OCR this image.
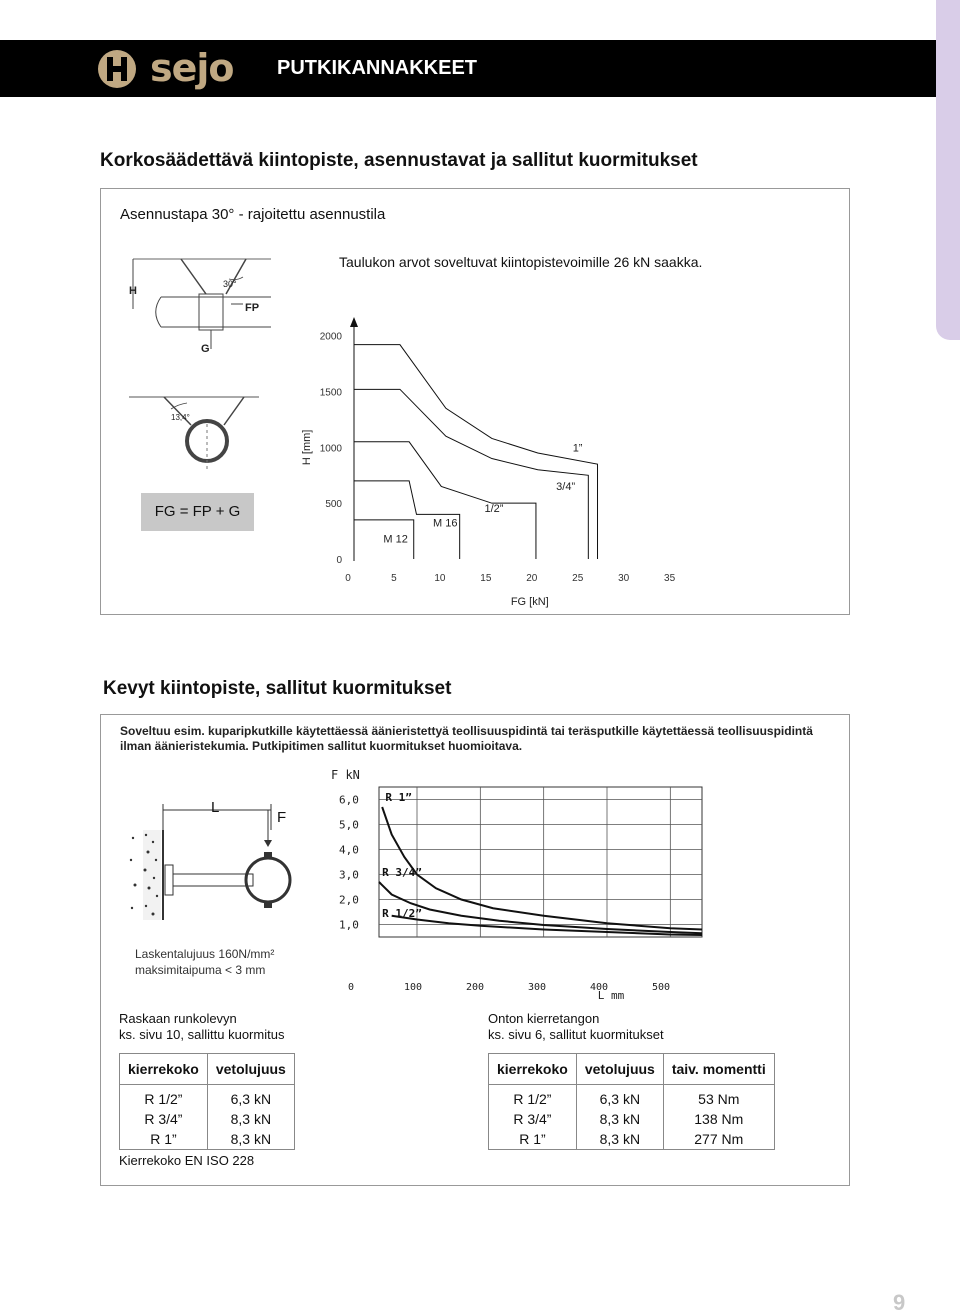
sejo PUTKIKANNAKKEET
Korkosäädettävä kiintopiste, asennustavat ja sallitut kuormitukset
Asennustapa 30° - rajoitettu asennustila
Taulukon arvot soveltuvat kiintopistevoimille 26 kN saakka.
H
30°
FP
G
13,4°
FG = FP + G
0
500
1000
1500
2000
0	5	10	15	20	25	30	35
FG [kN]
H [mm]
M 12
M 16
1/2”
3/4”
1”
Kevyt kiintopiste, sallitut kuormitukset
Soveltuu esim. kuparipkutkille käytettäessä äänieristettyä teollisuuspidintä tai teräsputkille käytettäessä teollisuuspidintä ilman äänieristekumia. Putkipitimen sallitut kuormitukset huomioitava.
L
F
Laskentalujuus 160N/mm²
maksimitaipuma < 3 mm
F kN
1,0
2,0
3,0
4,0
5,0
6,0
0	100	200	300	400	500
L mm
R 1”
R 3/4”
R 1/2”
Raskaan runkolevyn
ks. sivu 10, sallittu kuormitus
Onton kierretangon
ks. sivu 6, sallitut kuormitukset
kierrekoko	vetolujuus
R 1/2”	6,3 kN
R 3/4”	8,3 kN
R 1”	8,3 kN
kierrekoko	vetolujuus	taiv. momentti
R 1/2”	6,3 kN	53 Nm
R 3/4”	8,3 kN	138 Nm
R 1”	8,3 kN	277 Nm
Kierrekoko EN ISO 228
9
